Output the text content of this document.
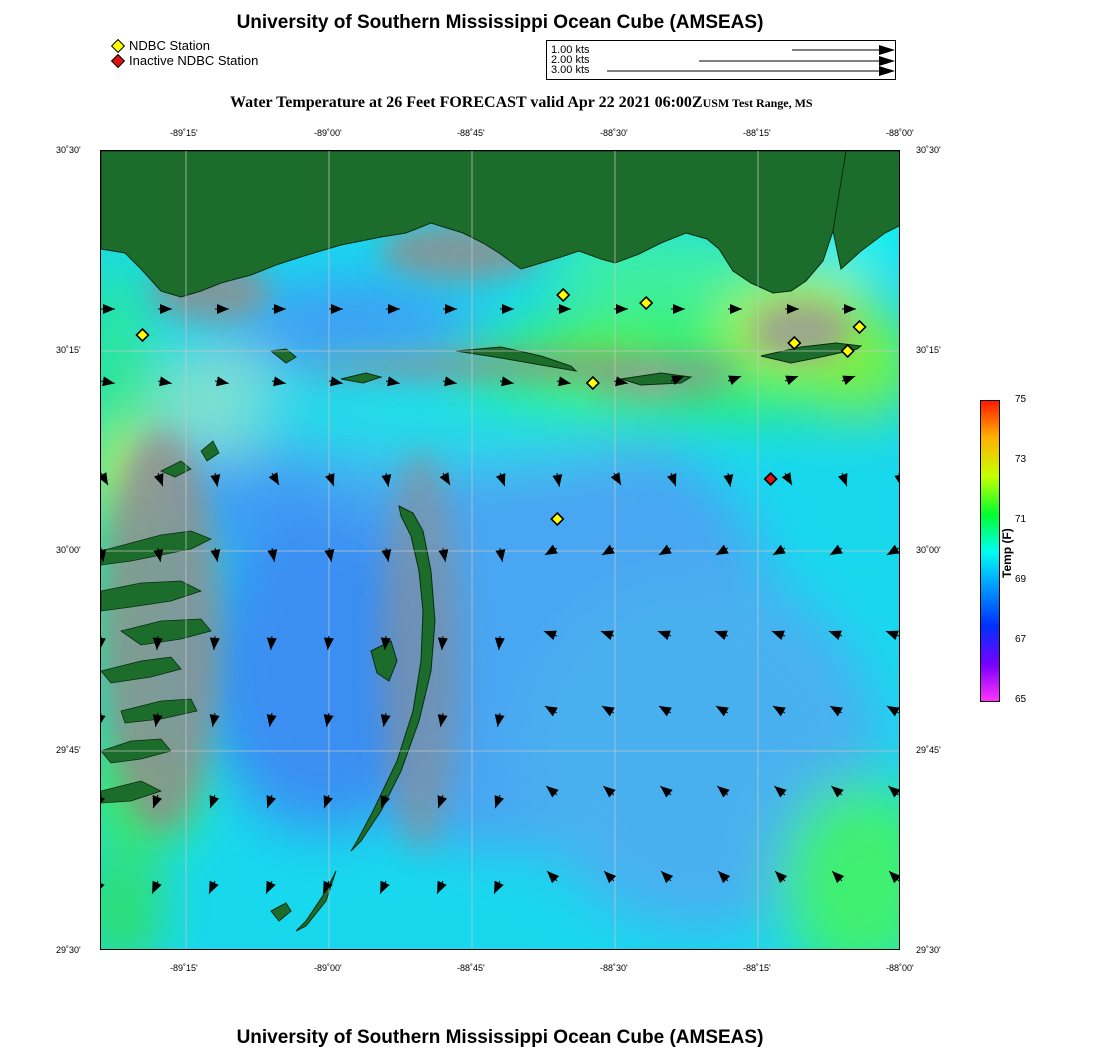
University of Southern Mississippi Ocean Cube (AMSEAS)
Water Temperature at 26 Feet FORECAST valid Apr 22 2021 06:00ZUSM Test Range, MS
University of Southern Mississippi Ocean Cube (AMSEAS)
NDBC Station
Inactive NDBC Station
1.00 kts
2.00 kts
3.00 kts
-89˚15'	-89˚00'	-88˚45'	-88˚30'	-88˚15'	-88˚00'
-89˚15'	-89˚00'	-88˚45'	-88˚30'	-88˚15'	-88˚00'
30˚30'
30˚15'
30˚00'
29˚45'
29˚30'
30˚30'
30˚15'
30˚00'
29˚45'
29˚30'
75
73
71
69
67
65
Temp (F)
